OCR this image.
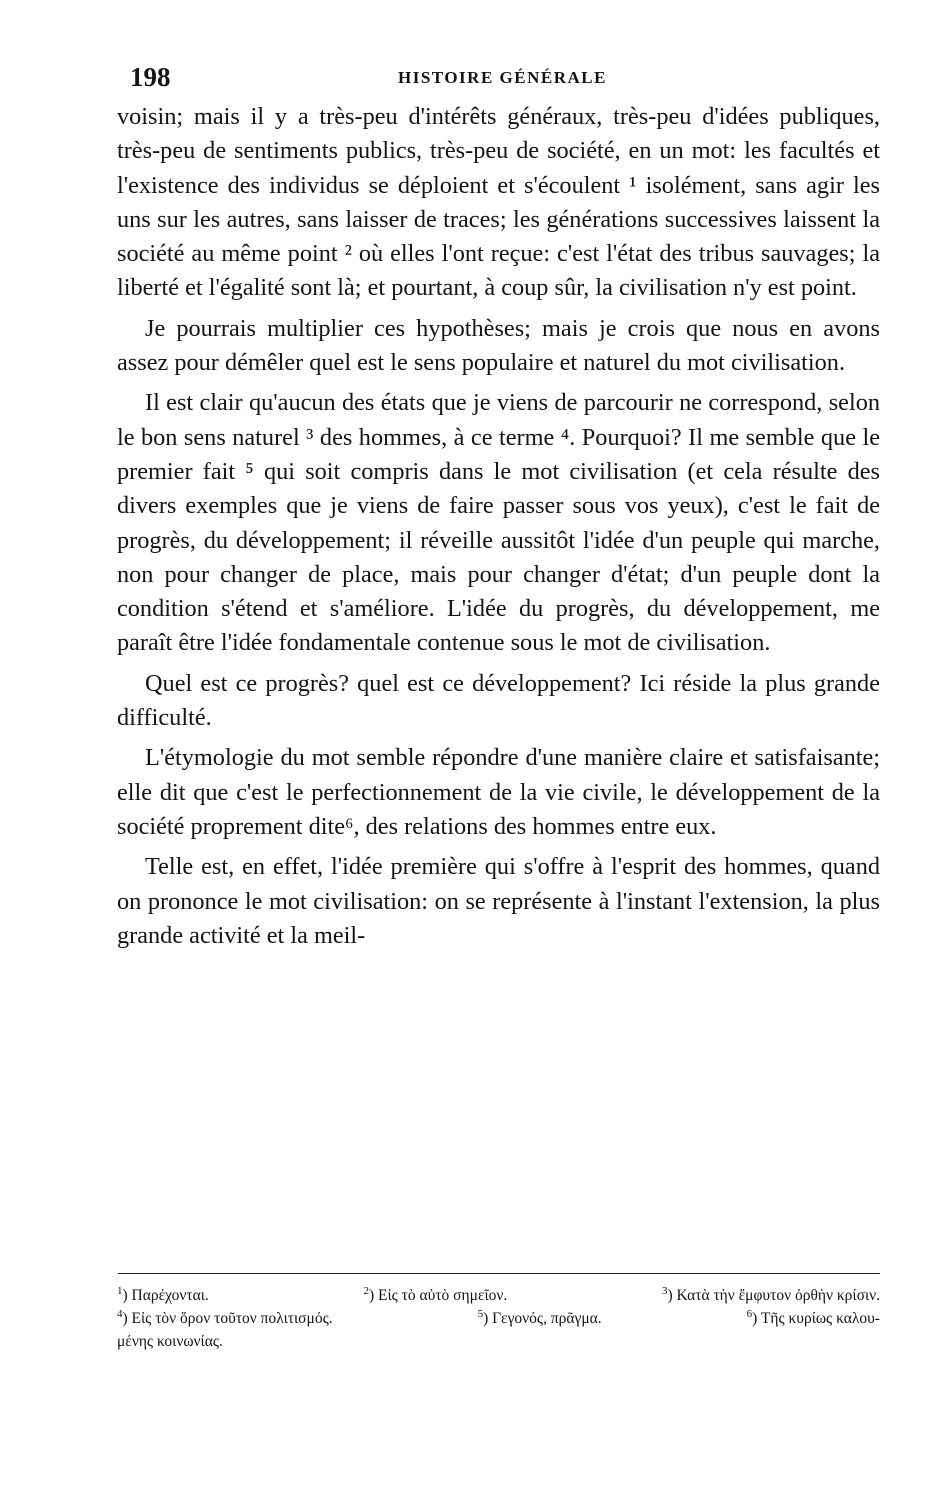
198	HISTOIRE GÉNÉRALE

voisin; mais il y a très-peu d'intérêts généraux, très-peu d'idées publiques, très-peu de sentiments publics, très-peu de société, en un mot: les facultés et l'existence des individus se déploient et s'écoulent ¹ isolément, sans agir les uns sur les autres, sans laisser de traces; les générations successives laissent la société au même point ² où elles l'ont reçue: c'est l'état des tribus sauvages; la liberté et l'égalité sont là; et pourtant, à coup sûr, la civilisation n'y est point.

Je pourrais multiplier ces hypothèses; mais je crois que nous en avons assez pour démêler quel est le sens populaire et naturel du mot civilisation.

Il est clair qu'aucun des états que je viens de parcourir ne correspond, selon le bon sens naturel ³ des hommes, à ce terme ⁴. Pourquoi? Il me semble que le premier fait ⁵ qui soit compris dans le mot civilisation (et cela résulte des divers exemples que je viens de faire passer sous vos yeux), c'est le fait de progrès, du développement; il réveille aussitôt l'idée d'un peuple qui marche, non pour changer de place, mais pour changer d'état; d'un peuple dont la condition s'étend et s'améliore. L'idée du progrès, du développement, me paraît être l'idée fondamentale contenue sous le mot de civilisation.

Quel est ce progrès? quel est ce développement? Ici réside la plus grande difficulté.

L'étymologie du mot semble répondre d'une manière claire et satisfaisante; elle dit que c'est le perfectionnement de la vie civile, le développement de la société proprement dite⁶, des relations des hommes entre eux.

Telle est, en effet, l'idée première qui s'offre à l'esprit des hommes, quand on prononce le mot civilisation: on se représente à l'instant l'extension, la plus grande activité et la meil-

$^1$) Παρέχονται.	$^2$) Εἰς τὸ αὐτὸ σημεῖον.	$^3$) Κατὰ τὴν ἔμφυτον ὀρθὴν κρίσιν.
$^4$) Εἰς τὸν ὅρον τοῦτον πολιτισμός.	$^5$) Γεγονός, πρᾶγμα.	$^6$) Τῆς κυρίως καλου-
μένης κοινωνίας.
